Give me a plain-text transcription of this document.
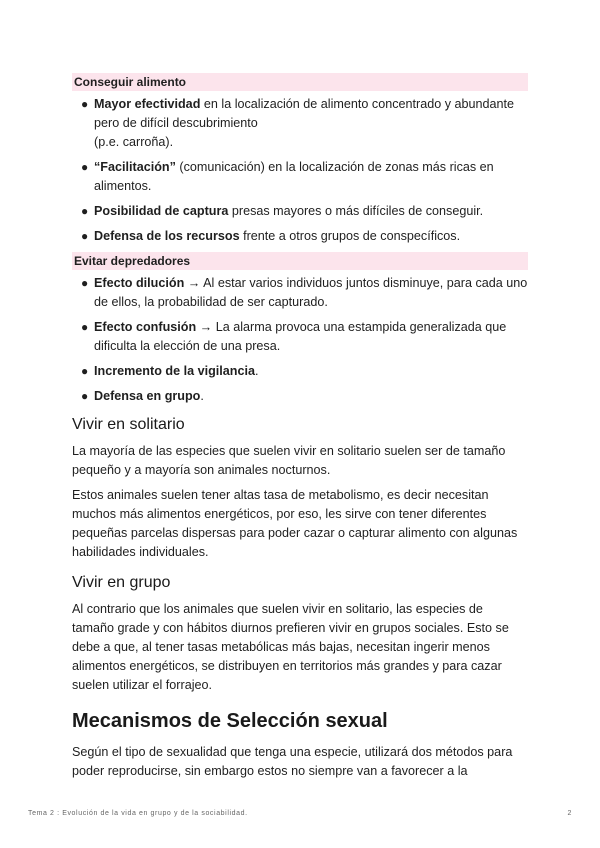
Conseguir alimento
● Mayor efectividad en la localización de alimento concentrado y abundante pero de difícil descubrimiento
(p.e. carroña).
● “Facilitación” (comunicación) en la localización de zonas más ricas en alimentos.
● Posibilidad de captura presas mayores o más difíciles de conseguir.
● Defensa de los recursos frente a otros grupos de conspecíficos.
Evitar depredadores
● Efecto dilución → Al estar varios individuos juntos disminuye, para cada uno de ellos, la probabilidad de ser capturado.
● Efecto confusión → La alarma provoca una estampida generalizada que dificulta la elección de una presa.
● Incremento de la vigilancia.
● Defensa en grupo.
Vivir en solitario

La mayoría de las especies que suelen vivir en solitario suelen ser de tamaño pequeño y a mayoría son animales nocturnos.

Estos animales suelen tener altas tasa de metabolismo, es decir necesitan muchos más alimentos energéticos, por eso, les sirve con tener diferentes pequeñas parcelas dispersas para poder cazar o capturar alimento con algunas habilidades individuales.

Vivir en grupo

Al contrario que los animales que suelen vivir en solitario, las especies de tamaño grade y con hábitos diurnos prefieren vivir en grupos sociales. Esto se debe a que, al tener tasas metabólicas más bajas, necesitan ingerir menos alimentos energéticos, se distribuyen en territorios más grandes y para cazar suelen utilizar el forrajeo.

Mecanismos de Selección sexual

Según el tipo de sexualidad que tenga una especie, utilizará dos métodos para poder reproducirse, sin embargo estos no siempre van a favorecer a la

Tema 2 : Evolución de la vida en grupo y de la sociabilidad.	2
